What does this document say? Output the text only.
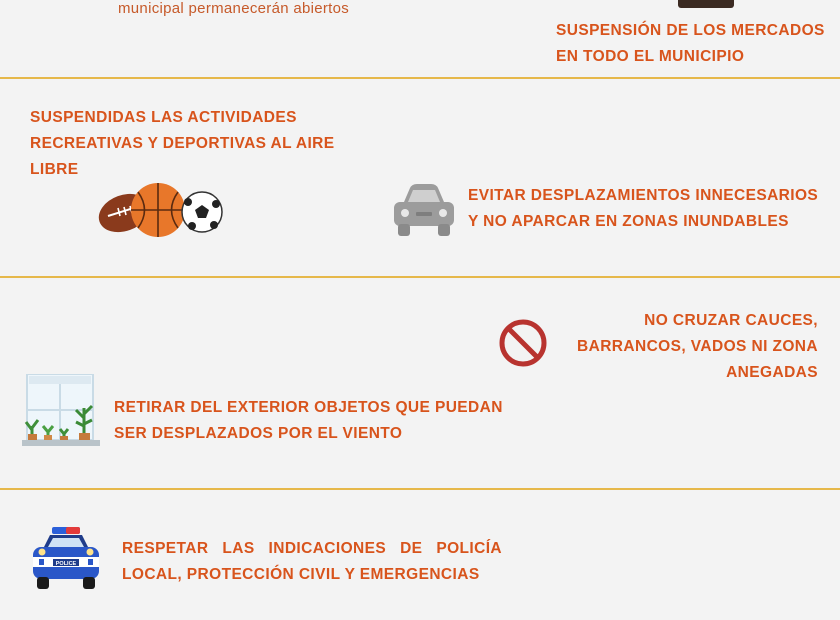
municipal permanecerán abiertos
SUSPENSIÓN DE LOS MERCADOS
EN TODO EL MUNICIPIO
SUSPENDIDAS LAS ACTIVIDADES
RECREATIVAS Y DEPORTIVAS AL AIRE
LIBRE
EVITAR DESPLAZAMIENTOS INNECESARIOS
Y NO APARCAR EN ZONAS INUNDABLES
NO CRUZAR CAUCES,
BARRANCOS, VADOS NI ZONA
ANEGADAS
RETIRAR DEL EXTERIOR OBJETOS QUE PUEDAN
SER DESPLAZADOS POR EL VIENTO
POLICE
RESPETAR LAS INDICACIONES DE POLICÍA
LOCAL, PROTECCIÓN CIVIL Y EMERGENCIAS
